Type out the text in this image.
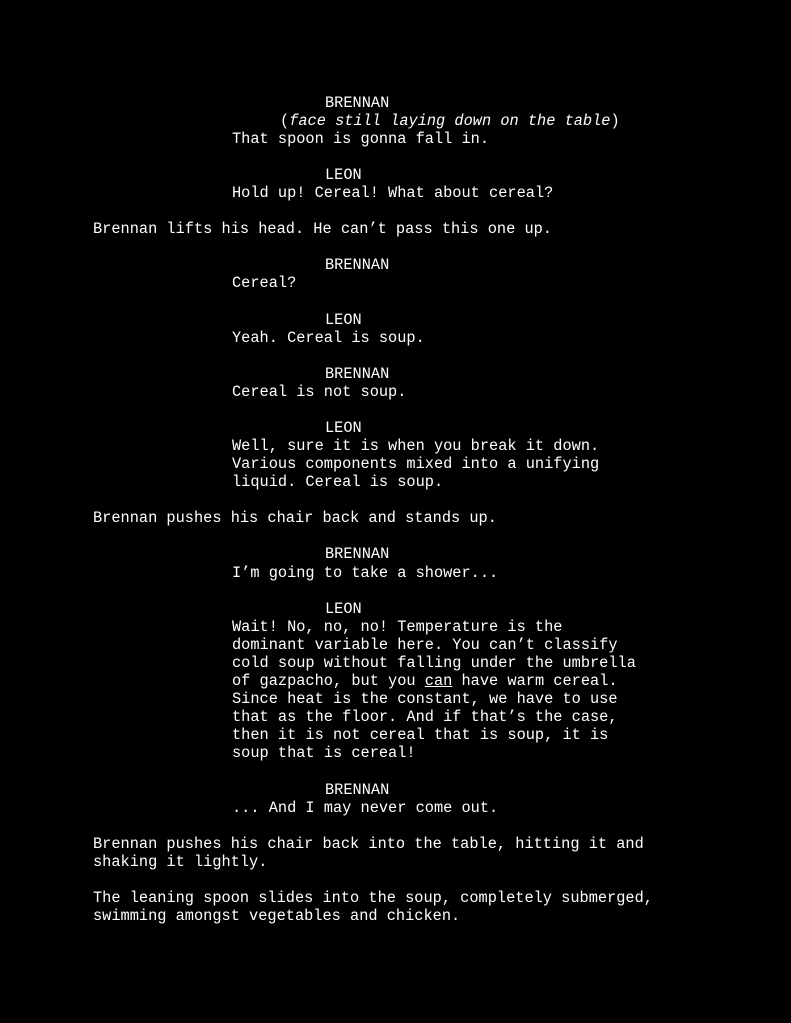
BRENNAN
(face still laying down on the table)
That spoon is gonna fall in.
LEON
Hold up! Cereal! What about cereal?
Brennan lifts his head. He can’t pass this one up.
BRENNAN
Cereal?
LEON
Yeah. Cereal is soup.
BRENNAN
Cereal is not soup.
LEON
Well, sure it is when you break it down.
Various components mixed into a unifying
liquid. Cereal is soup.
Brennan pushes his chair back and stands up.
BRENNAN
I’m going to take a shower...
LEON
Wait! No, no, no! Temperature is the
dominant variable here. You can’t classify
cold soup without falling under the umbrella
of gazpacho, but you can have warm cereal.
Since heat is the constant, we have to use
that as the floor. And if that’s the case,
then it is not cereal that is soup, it is
soup that is cereal!
BRENNAN
... And I may never come out.
Brennan pushes his chair back into the table, hitting it and
shaking it lightly.
The leaning spoon slides into the soup, completely submerged,
swimming amongst vegetables and chicken.
